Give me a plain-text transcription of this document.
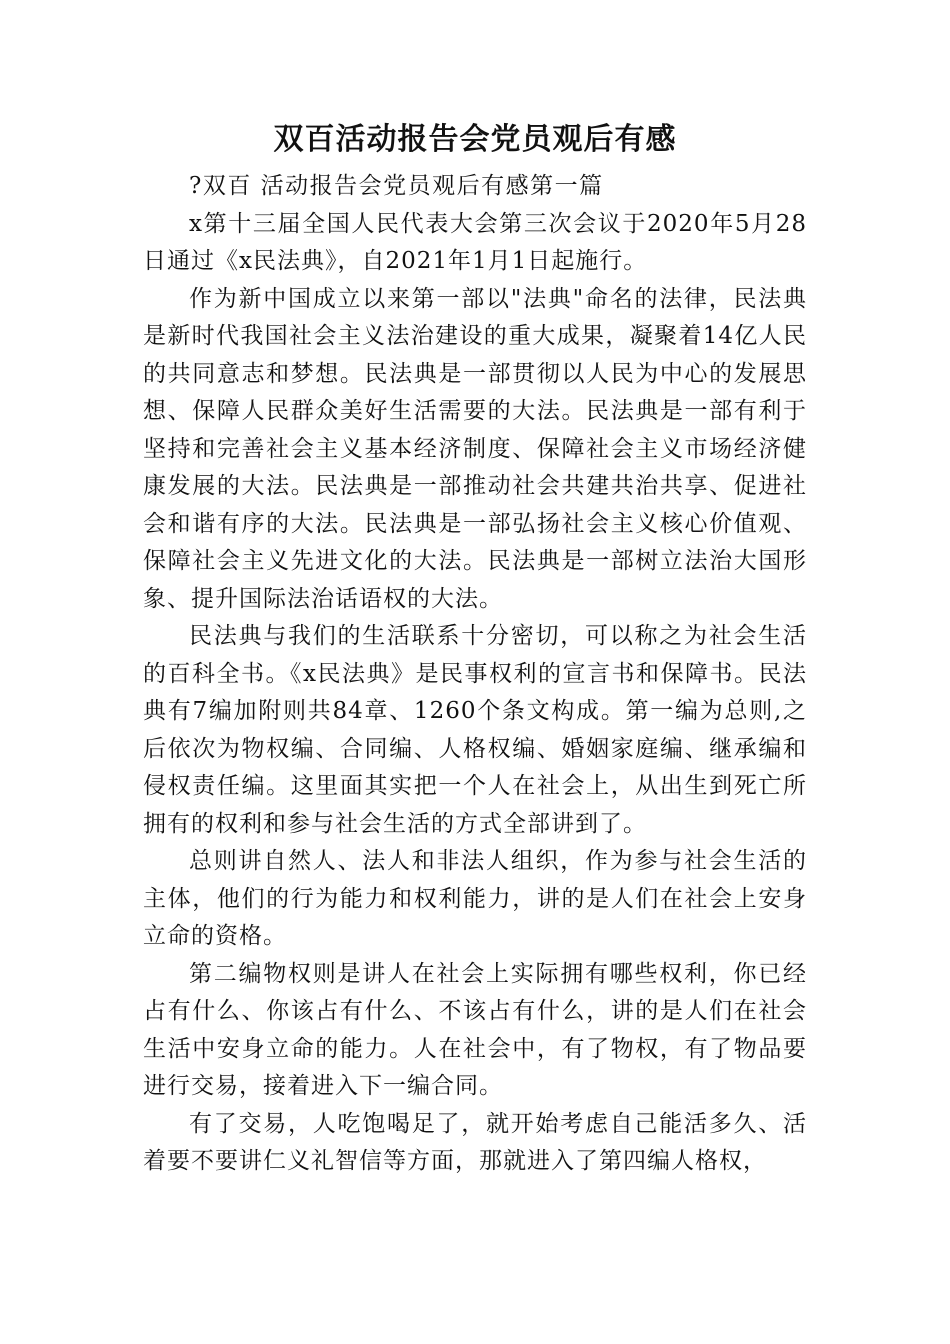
双百活动报告会党员观后有感

?双百 活动报告会党员观后有感第一篇

x第十三届全国人民代表大会第三次会议于2020年5月28日通过《x民法典》，自2021年1月1日起施行。

作为新中国成立以来第一部以"法典"命名的法律，民法典是新时代我国社会主义法治建设的重大成果，凝聚着14亿人民的共同意志和梦想。民法典是一部贯彻以人民为中心的发展思想、保障人民群众美好生活需要的大法。民法典是一部有利于坚持和完善社会主义基本经济制度、保障社会主义市场经济健康发展的大法。民法典是一部推动社会共建共治共享、促进社会和谐有序的大法。民法典是一部弘扬社会主义核心价值观、保障社会主义先进文化的大法。民法典是一部树立法治大国形象、提升国际法治话语权的大法。

民法典与我们的生活联系十分密切，可以称之为社会生活的百科全书。《x民法典》是民事权利的宣言书和保障书。民法典有7编加附则共84章、1260个条文构成。第一编为总则,之后依次为物权编、合同编、人格权编、婚姻家庭编、继承编和侵权责任编。这里面其实把一个人在社会上，从出生到死亡所拥有的权利和参与社会生活的方式全部讲到了。

总则讲自然人、法人和非法人组织，作为参与社会生活的主体，他们的行为能力和权利能力，讲的是人们在社会上安身立命的资格。

第二编物权则是讲人在社会上实际拥有哪些权利，你已经占有什么、你该占有什么、不该占有什么，讲的是人们在社会生活中安身立命的能力。人在社会中，有了物权，有了物品要进行交易，接着进入下一编合同。

有了交易，人吃饱喝足了，就开始考虑自己能活多久、活着要不要讲仁义礼智信等方面，那就进入了第四编人格权，
